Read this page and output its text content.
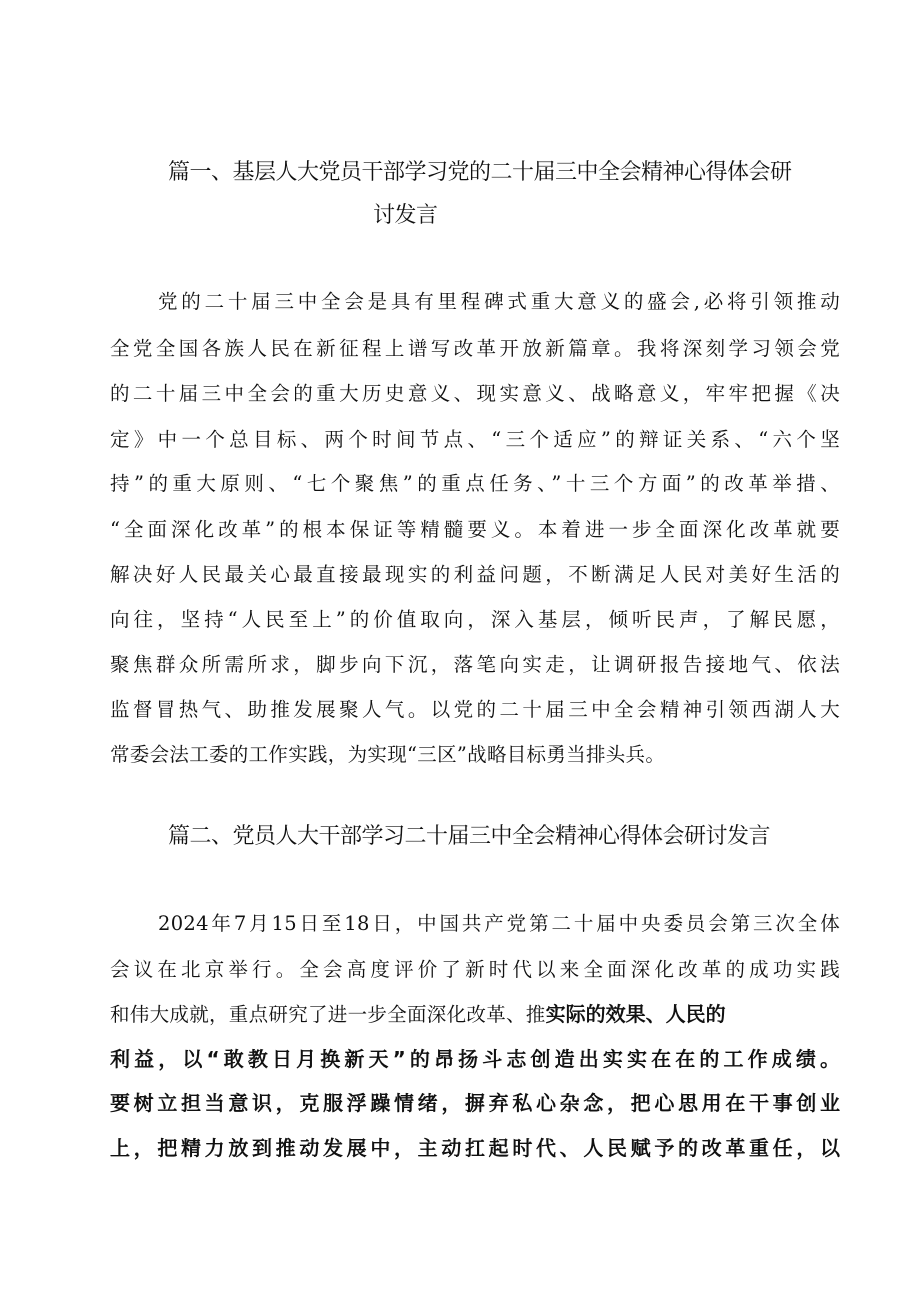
篇一、基层人大党员干部学习党的二十届三中全会精神心得体会研
讨发言

党的二十届三中全会是具有里程碑式重大意义的盛会,必将引领推动

全党全国各族人民在新征程上谱写改革开放新篇章。我将深刻学习领会党

的二十届三中全会的重大历史意义、现实意义、战略意义，牢牢把握《决

定》中一个总目标、两个时间节点、“三个适应”的辩证关系、“六个坚

持”的重大原则、“七个聚焦”的重点任务、”十三个方面”的改革举措、

“全面深化改革”的根本保证等精髓要义。本着进一步全面深化改革就要

解决好人民最关心最直接最现实的利益问题，不断满足人民对美好生活的

向往，坚持“人民至上”的价值取向，深入基层，倾听民声，了解民愿，

聚焦群众所需所求，脚步向下沉，落笔向实走，让调研报告接地气、依法

监督冒热气、助推发展聚人气。以党的二十届三中全会精神引领西湖人大

常委会法工委的工作实践，为实现“三区”战略目标勇当排头兵。

篇二、党员人大干部学习二十届三中全会精神心得体会研讨发言

2024年7月15日至18日，中国共产党第二十届中央委员会第三次全体

会议在北京举行。全会高度评价了新时代以来全面深化改革的成功实践

和伟大成就，重点研究了进一步全面深化改革、推实际的效果、人民的

利益，以“敢教日月换新天”的昂扬斗志创造出实实在在的工作成绩。

要树立担当意识，克服浮躁情绪，摒弃私心杂念，把心思用在干事创业

上，把精力放到推动发展中，主动扛起时代、人民赋予的改革重任，以
